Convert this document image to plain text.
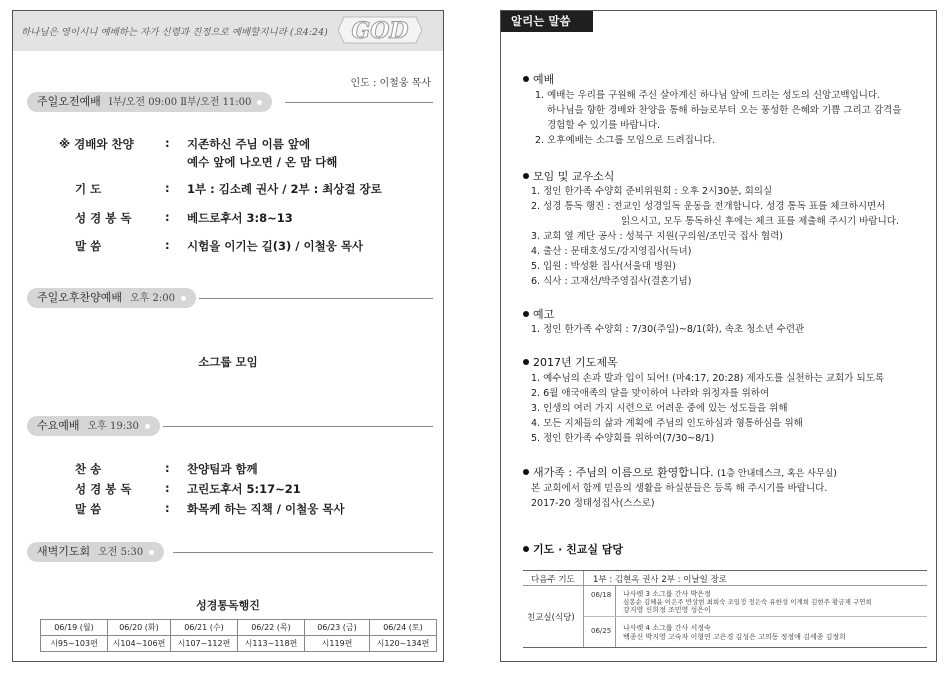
하나님은 영이시니 예배하는 자가 신령과 진정으로 예배할지니라 (요4:24) GOD
인도 : 이철웅 목사
주일오전예배 Ⅰ부/오전 09:00 Ⅱ부/오전 11:00
※ 경배와 찬양	: 지존하신 주님 이름 앞에
예수 앞에 나오면 / 온 맘 다해
기 도	: 1부 : 김소례 권사 / 2부 : 최상걸 장로
성 경 봉 독	: 베드로후서 3:8~13
말 씀	: 시험을 이기는 길(3) / 이철웅 목사
주일오후찬양예배 오후 2:00
소그룹 모임
수요예배 오후 19:30
찬 송	: 찬양팀과 함께
성 경 봉 독	: 고린도후서 5:17~21
말 씀	: 화목케 하는 직책 / 이철웅 목사
새벽기도회 오전 5:30
성경통독행진
06/19 (월)	06/20 (화)	06/21 (수)	06/22 (목)	06/23 (금)	06/24 (토)
시95~103편	시104~106편	시107~112편	시113~118편	시119편	시120~134편
알리는 말씀
예배
1. 예배는 우리를 구원해 주신 살아계신 하나님 앞에 드리는 성도의 신앙고백입니다.
하나님을 향한 경배와 찬양을 통해 하늘로부터 오는 풍성한 은혜와 기쁨 그리고 감격을
경험할 수 있기를 바랍니다.
2. 오후예배는 소그룹 모임으로 드려집니다.
모임 및 교우소식
1. 정인 한가족 수양회 준비위원회 : 오후 2시30분, 회의실
2. 성경 통독 행진 : 전교인 성경일독 운동을 전개합니다. 성경 통독 표를 체크하시면서
읽으시고, 모두 통독하신 후에는 체크 표를 제출해 주시기 바랍니다.
3. 교회 옆 계단 공사 : 성북구 지원(구의원/조민국 집사 협력)
4. 출산 : 문태호성도/강지영집사(득녀)
5. 입원 : 박성환 집사(서울대 병원)
6. 식사 : 고재선/박주영집사(결혼기념)
예고
1. 정인 한가족 수양회 : 7/30(주일)~8/1(화), 속초 청소년 수련관
2017년 기도제목
1. 예수님의 손과 발과 입이 되어! (마4:17, 20:28) 제자도를 실천하는 교회가 되도록
2. 6월 애국애족의 달을 맞이하여 나라와 위정자를 위하여
3. 인생의 여러 가지 시련으로 어려운 중에 있는 성도들을 위해
4. 모든 지체들의 삶과 계획에 주님의 인도하심과 형통하심을 위해
5. 정인 한가족 수양회를 위하여(7/30~8/1)
새가족 : 주님의 이름으로 환영합니다. (1층 안내데스크, 혹은 사무실)
본 교회에서 함께 믿음의 생활을 하실분들은 등록 해 주시기를 바랍니다.
2017-20 정태성집사(스스로)
기도 · 친교실 담당
다음주 기도 1부 : 김현옥 권사 2부 : 이날일 장로
친교실(식당)
06/18 나사렛 3 소그룹 간사 박은정
심봉순 김혜윤 이은주 반상현 최희숙 조일정 정은숙 유한성 이계희 김현주 황금재 구연희
강지영 신희정 조민영 성은이
06/25 나사렛 4 소그룹 간사 서정숙
백종신 박지영 고숙자 이형연 고은경 김성은 고의동 정정애 김세종 김정희
